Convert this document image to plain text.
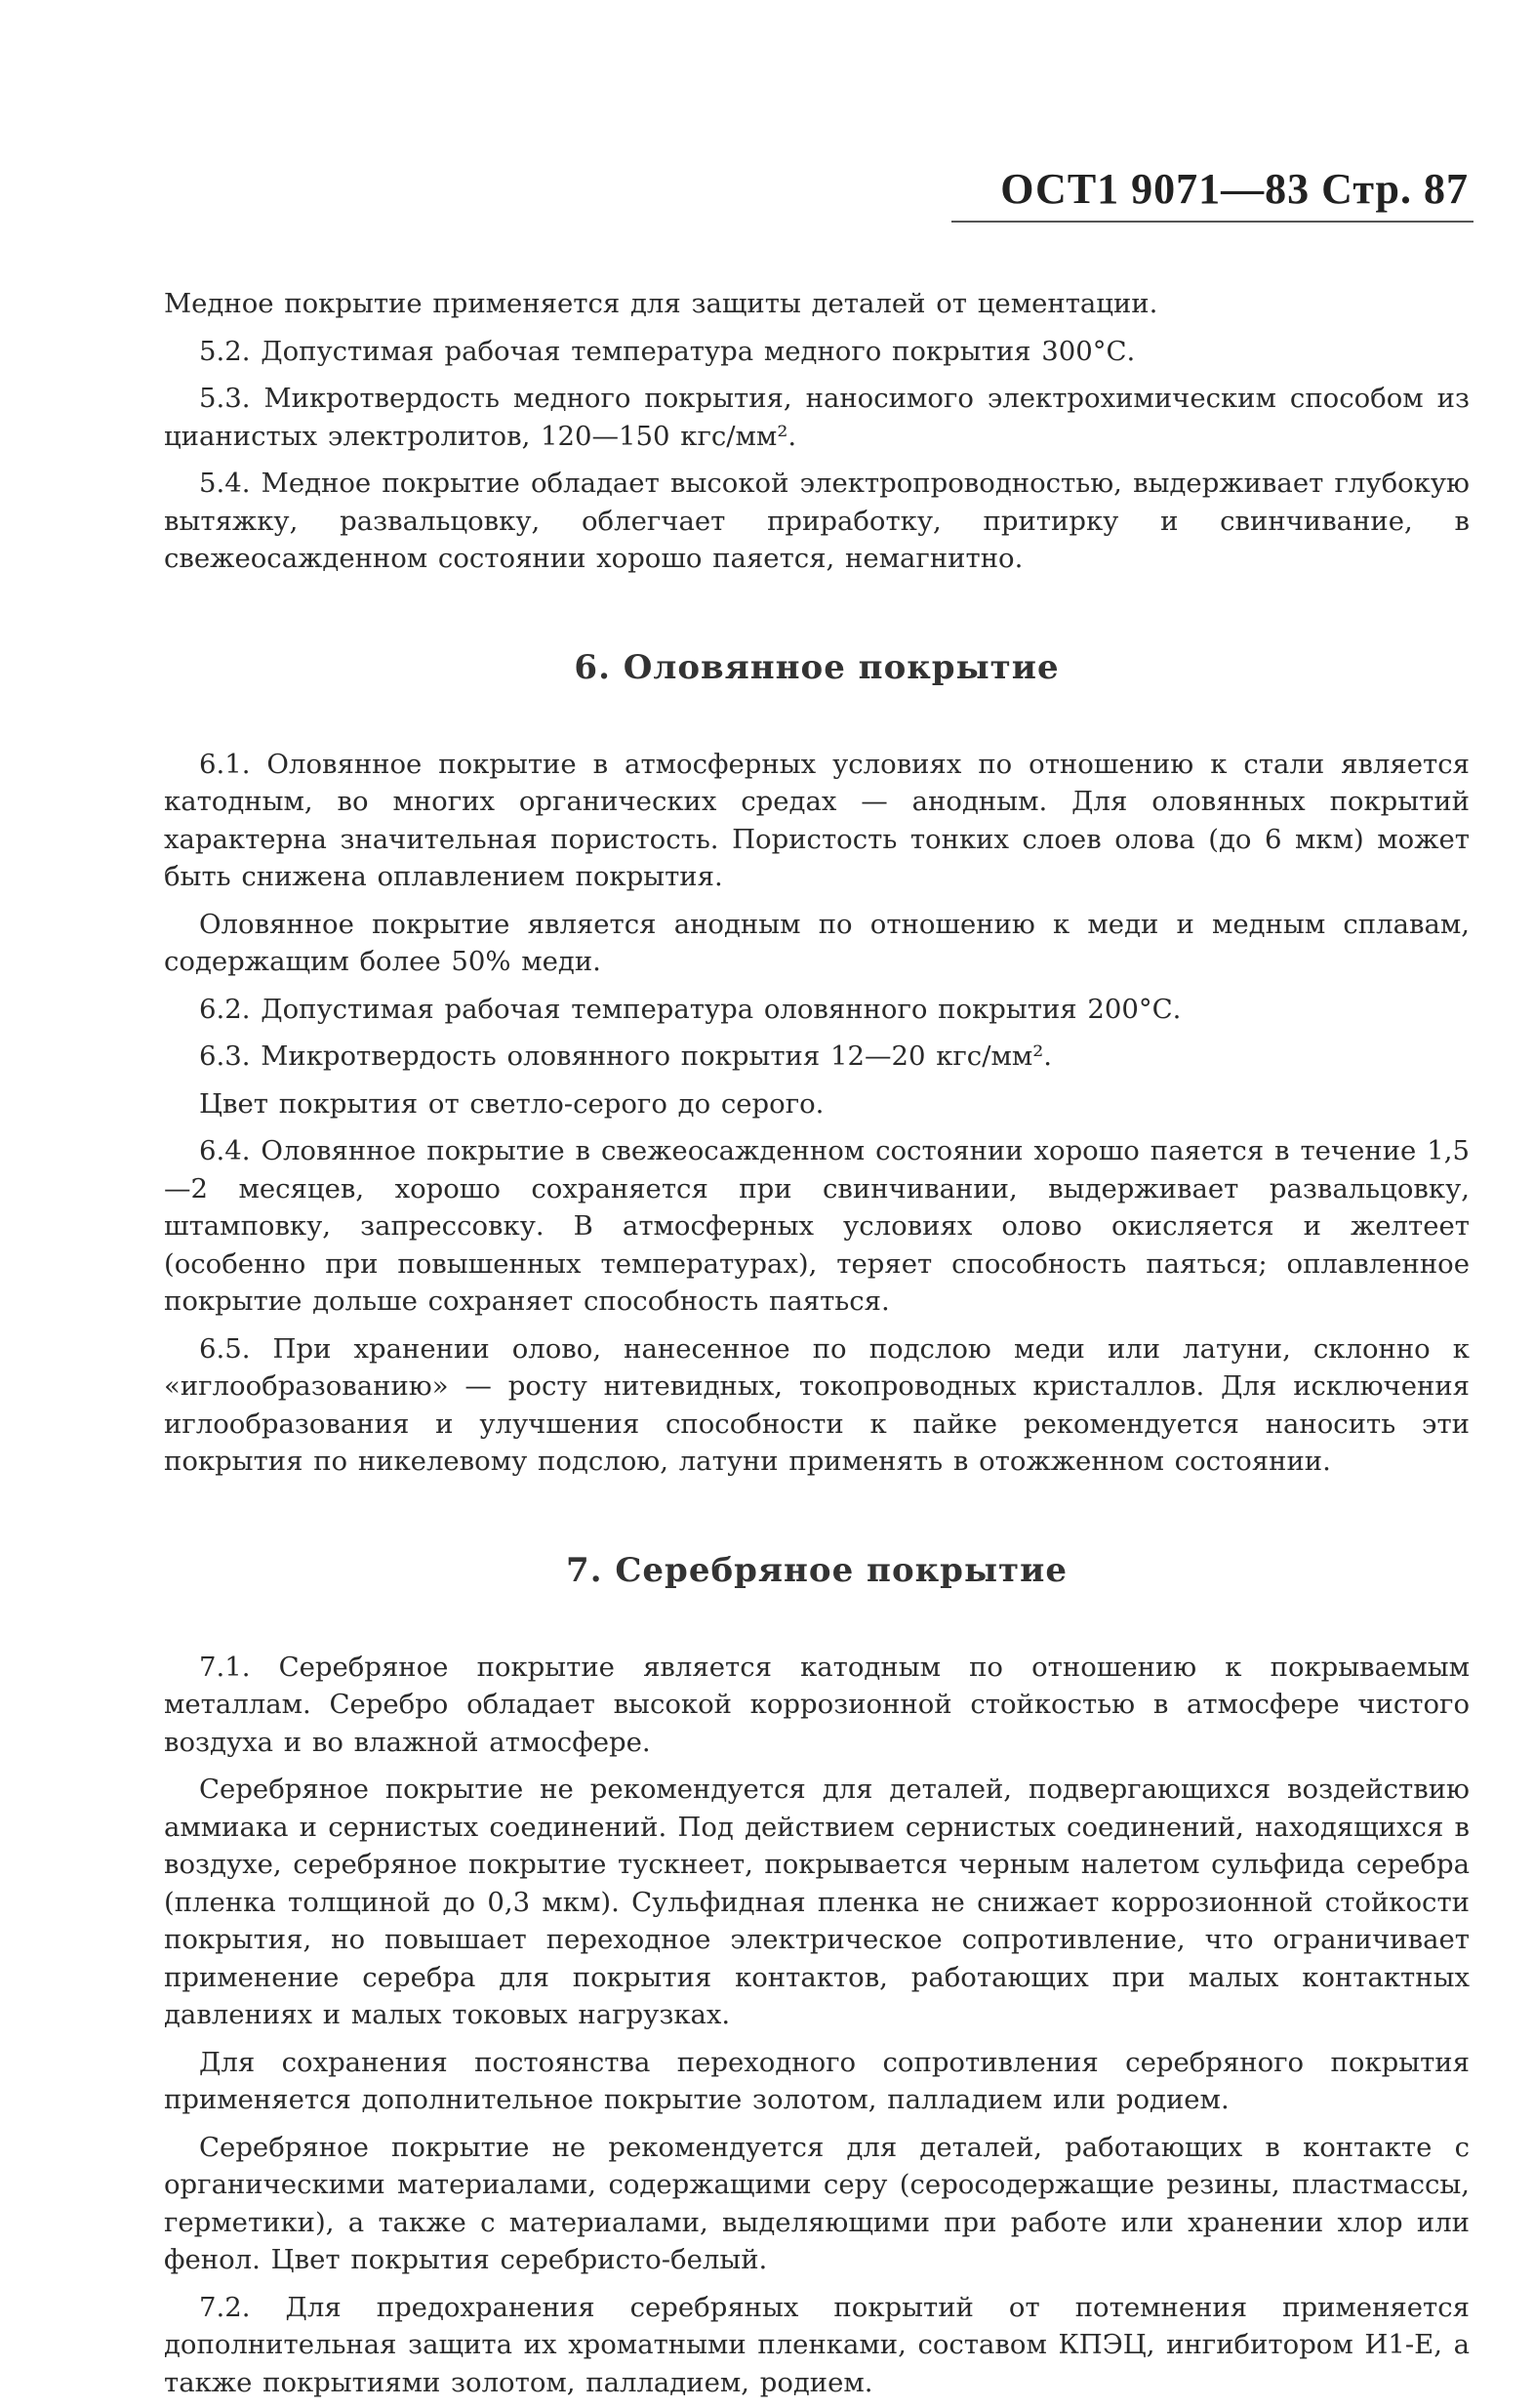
ОСТ1 9071—83 Стр. 87

Медное покрытие применяется для защиты деталей от цементации.

5.2. Допустимая рабочая температура медного покрытия 300°С.

5.3. Микротвердость медного покрытия, наносимого электрохимическим способом из цианистых электролитов, 120—150 кгс/мм².

5.4. Медное покрытие обладает высокой электропроводностью, выдерживает глубокую вытяжку, развальцовку, облегчает приработку, притирку и свинчивание, в свежеосажденном состоянии хорошо паяется, немагнитно.

6. Оловянное покрытие

6.1. Оловянное покрытие в атмосферных условиях по отношению к стали является катодным, во многих органических средах — анодным. Для оловянных покрытий характерна значительная пористость. Пористость тонких слоев олова (до 6 мкм) может быть снижена оплавлением покрытия.

Оловянное покрытие является анодным по отношению к меди и медным сплавам, содержащим более 50% меди.

6.2. Допустимая рабочая температура оловянного покрытия 200°С.

6.3. Микротвердость оловянного покрытия 12—20 кгс/мм².

Цвет покрытия от светло-серого до серого.

6.4. Оловянное покрытие в свежеосажденном состоянии хорошо паяется в течение 1,5—2 месяцев, хорошо сохраняется при свинчивании, выдерживает развальцовку, штамповку, запрессовку. В атмосферных условиях олово окисляется и желтеет (особенно при повышенных температурах), теряет способность паяться; оплавленное покрытие дольше сохраняет способность паяться.

6.5. При хранении олово, нанесенное по подслою меди или латуни, склонно к «иглообразованию» — росту нитевидных, токопроводных кристаллов. Для исключения иглообразования и улучшения способности к пайке рекомендуется наносить эти покрытия по никелевому подслою, латуни применять в отожженном состоянии.

7. Серебряное покрытие

7.1. Серебряное покрытие является катодным по отношению к покрываемым металлам. Серебро обладает высокой коррозионной стойкостью в атмосфере чистого воздуха и во влажной атмосфере.

Серебряное покрытие не рекомендуется для деталей, подвергающихся воздействию аммиака и сернистых соединений. Под действием сернистых соединений, находящихся в воздухе, серебряное покрытие тускнеет, покрывается черным налетом сульфида серебра (пленка толщиной до 0,3 мкм). Сульфидная пленка не снижает коррозионной стойкости покрытия, но повышает переходное электрическое сопротивление, что ограничивает применение серебра для покрытия контактов, работающих при малых контактных давлениях и малых токовых нагрузках.

Для сохранения постоянства переходного сопротивления серебряного покрытия применяется дополнительное покрытие золотом, палладием или родием.

Серебряное покрытие не рекомендуется для деталей, работающих в контакте с органическими материалами, содержащими серу (серосодержащие резины, пластмассы, герметики), а также с материалами, выделяющими при работе или хранении хлор или фенол. Цвет покрытия серебристо-белый.

7.2. Для предохранения серебряных покрытий от потемнения применяется дополнительная защита их хроматными пленками, составом КПЭЦ, ингибитором И1-Е, а также покрытиями золотом, палладием, родием.
